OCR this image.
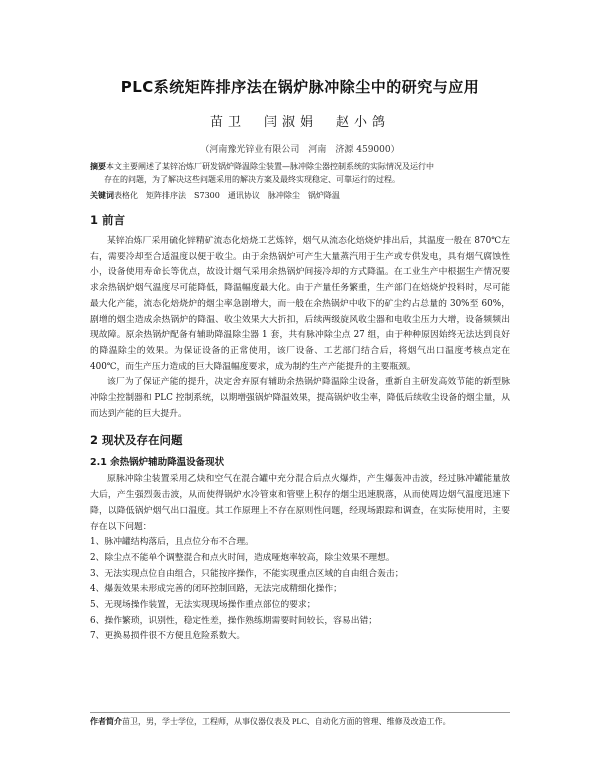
PLC系统矩阵排序法在锅炉脉冲除尘中的研究与应用
苗卫　闫淑娟　赵小鸽
（河南豫光锌业有限公司　河南　济源 459000）
摘要本文主要阐述了某锌冶炼厂研发锅炉降温除尘装置—脉冲除尘器控制系统的实际情况及运行中
存在的问题，为了解决这些问题采用的解决方案及最终实现稳定、可靠运行的过程。
关键词表格化 矩阵排序法 S7300 通讯协议 脉冲除尘 锅炉降温
1 前言

某锌冶炼厂采用硫化锌精矿流态化焙烧工艺炼锌，烟气从流态化焙烧炉排出后，其温度一般在 870℃左右，需要冷却至合适温度以便于收尘。由于余热锅炉可产生大量蒸汽用于生产或专供发电，具有烟气腐蚀性小，设备使用寿命长等优点，故设计烟气采用余热锅炉间接冷却的方式降温。在工业生产中根据生产情况要求余热锅炉烟气温度尽可能降低，降温幅度最大化。由于产量任务繁重，生产部门在焙烧炉投料时，尽可能最大化产能，流态化焙烧炉的烟尘率急剧增大，而一般在余热锅炉中收下的矿尘约占总量的 30%至 60%，剧增的烟尘造成余热锅炉的降温、收尘效果大大折扣，后续两级旋风收尘器和电收尘压力大增，设备频频出现故障。原余热锅炉配备有辅助降温除尘器 1 套，共有脉冲除尘点 27 组，由于种种原因始终无法达到良好的降温除尘的效果。为保证设备的正常使用，该厂设备、工艺部门结合后，将烟气出口温度考核点定在 400℃，而生产压力造成的巨大降温幅度要求，成为制约生产产能提升的主要瓶颈。

该厂为了保证产能的提升，决定舍弃原有辅助余热锅炉降温除尘设备，重新自主研发高效节能的新型脉冲除尘控制器和 PLC 控制系统，以期增强锅炉降温效果，提高锅炉收尘率，降低后续收尘设备的烟尘量，从而达到产能的巨大提升。

2 现状及存在问题
2.1 余热锅炉辅助降温设备现状

原脉冲除尘装置采用乙炔和空气在混合罐中充分混合后点火爆炸，产生爆轰冲击波，经过脉冲罐能量放大后，产生强烈轰击波，从而使得锅炉水冷管束和管壁上积存的烟尘迅速脱落，从而使周边烟气温度迅速下降，以降低锅炉烟气出口温度。其工作原理上不存在原则性问题，经现场跟踪和调查，在实际使用时，主要存在以下问题：

1、脉冲罐结构落后，且点位分布不合理。
2、除尘点不能单个调整混合和点火时间，造成哑炮率较高，除尘效果不理想。
3、无法实现点位自由组合，只能按序操作，不能实现重点区域的自由组合轰击；
4、爆轰效果未形成完善的闭环控制回路，无法完成精细化操作；
5、无现场操作装置，无法实现现场操作重点部位的要求；
6、操作繁琐，识别性，稳定性差，操作熟练期需要时间较长，容易出错；
7、更换易损件很不方便且危险系数大。
作者简介苗卫，男，学士学位，工程师，从事仪器仪表及 PLC、自动化方面的管理、维修及改造工作。
